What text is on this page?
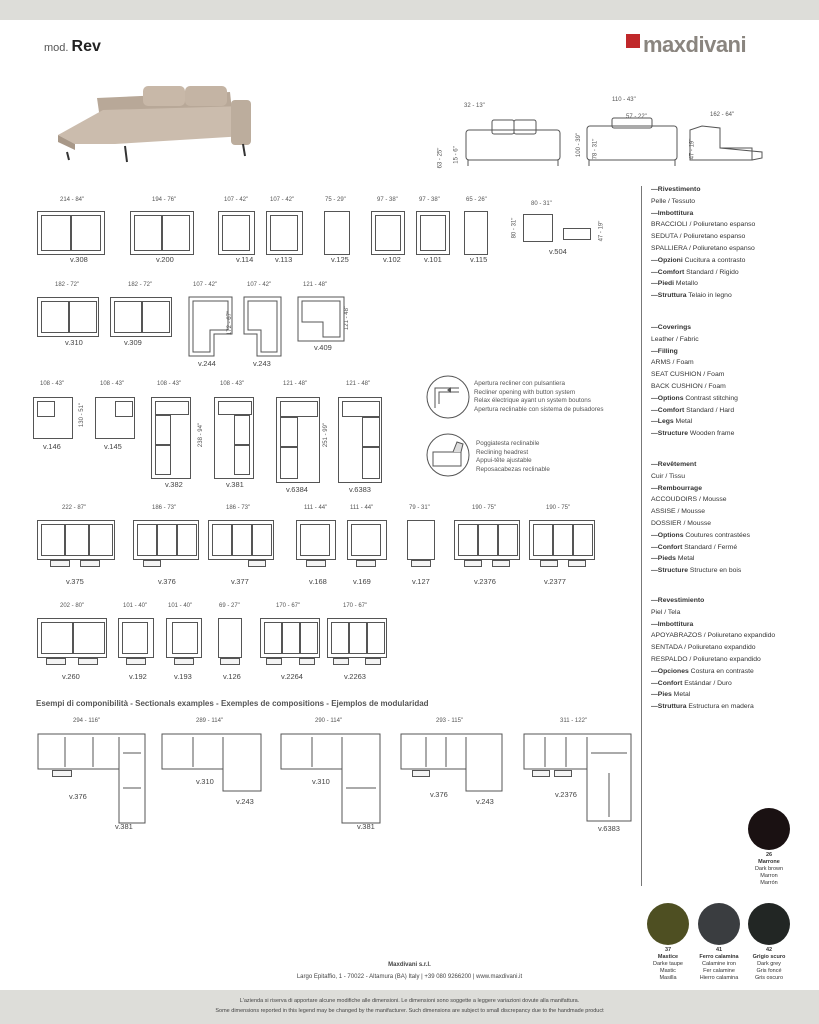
mod. Rev	maxdivani
32 - 13"
110 - 43"
57 - 22"	162 - 64"
63 - 25" 15 - 6"	100 - 39" 78 - 31"	47 - 19"
214 - 84"
v.308
194 - 76"
v.200
107 - 42"
v.114
107 - 42"
v.113
75 - 29"
v.125
97 - 38"
v.102
97 - 38"
v.101
65 - 26"
v.115
80 - 31"
80 - 31"	47 - 19"
v.504
182 - 72"
v.310
182 - 72"
v.309
107 - 42"
172 - 67"
v.244
107 - 42"
v.243
121 - 48"
121 - 48"
v.409
108 - 43"
130 - 51"
v.146
108 - 43"
v.145
108 - 43"
238 - 94"
v.382
108 - 43"
v.381
121 - 48"
251 - 99"
v.6384
121 - 48"
v.6383
Apertura recliner con pulsantiera
Recliner opening with button system
Relax électrique ayant un system boutons
Apertura reclinable con sistema de pulsadores
Poggiatesta reclinabile
Reclining headrest
Appui-tête ajustable
Reposacabezas reclinable
222 - 87"
v.375
186 - 73"
v.376
186 - 73"
v.377
111 - 44"
v.168
111 - 44"
v.169
79 - 31"
v.127
190 - 75"
v.2376
190 - 75"
v.2377
202 - 80"
v.260
101 - 40"
v.192
101 - 40"
v.193
69 - 27"
v.126
170 - 67"
v.2264
170 - 67"
v.2263
Esempi di componibilità - Sectionals examples - Exemples de compositions - Ejemplos de modularidad
294 - 116"
v.376
v.381
289 - 114"
v.310
v.243
290 - 114"
v.310
v.381
293 - 115"
v.376
v.243
311 - 122"
v.2376
v.6383
—Rivestimento
Pelle / Tessuto
—Imbottitura
BRACCIOLI / Poliuretano espanso
SEDUTA / Poliuretano espanso
SPALLIERA / Poliuretano espanso
—Opzioni Cucitura a contrasto
—Comfort Standard / Rigido
—Piedi Metallo
—Struttura Telaio in legno
—Coverings
Leather / Fabric
—Filling
ARMS / Foam
SEAT CUSHION / Foam
BACK CUSHION / Foam
—Options Contrast stitching
—Comfort Standard / Hard
—Legs Metal
—Structure Wooden frame
—Revêtement
Cuir / Tissu
—Rembourrage
ACCOUDOIRS / Mousse
ASSISE / Mousse
DOSSIER / Mousse
—Options Coutures contrastées
—Confort Standard / Fermé
—Pieds Metal
—Structure Structure en bois
—Revestimiento
Piel / Tela
—Imbottitura
APOYABRAZOS / Poliuretano expandido
SENTADA / Poliuretano expandido
RESPALDO / Poliuretano expandido
—Opciones Costura en contraste
—Confort Estándar / Duro
—Pies Metal
—Struttura Estructura en madera
26
Marrone
Dark brown
Marron
Marrón
37
Mastice
Darke taupe
Mastic
Masilla
41
Ferro calamina
Calamine iron
Fer calamine
Hierro calamina
42
Grigio scuro
Dark grey
Gris foncé
Gris oscuro
Maxdivani s.r.l.
Largo Epitaffio, 1 - 70022 - Altamura (BA) Italy | +39 080 9266200 | www.maxdivani.it
L'azienda si riserva di apportare alcune modifiche alle dimensioni. Le dimensioni sono soggette a leggere variazioni dovute alla manifattura.
Some dimensions reported in this legend may be changed by the manifacturer. Such dimensions are subject to small discrepancy due to the handmade product
